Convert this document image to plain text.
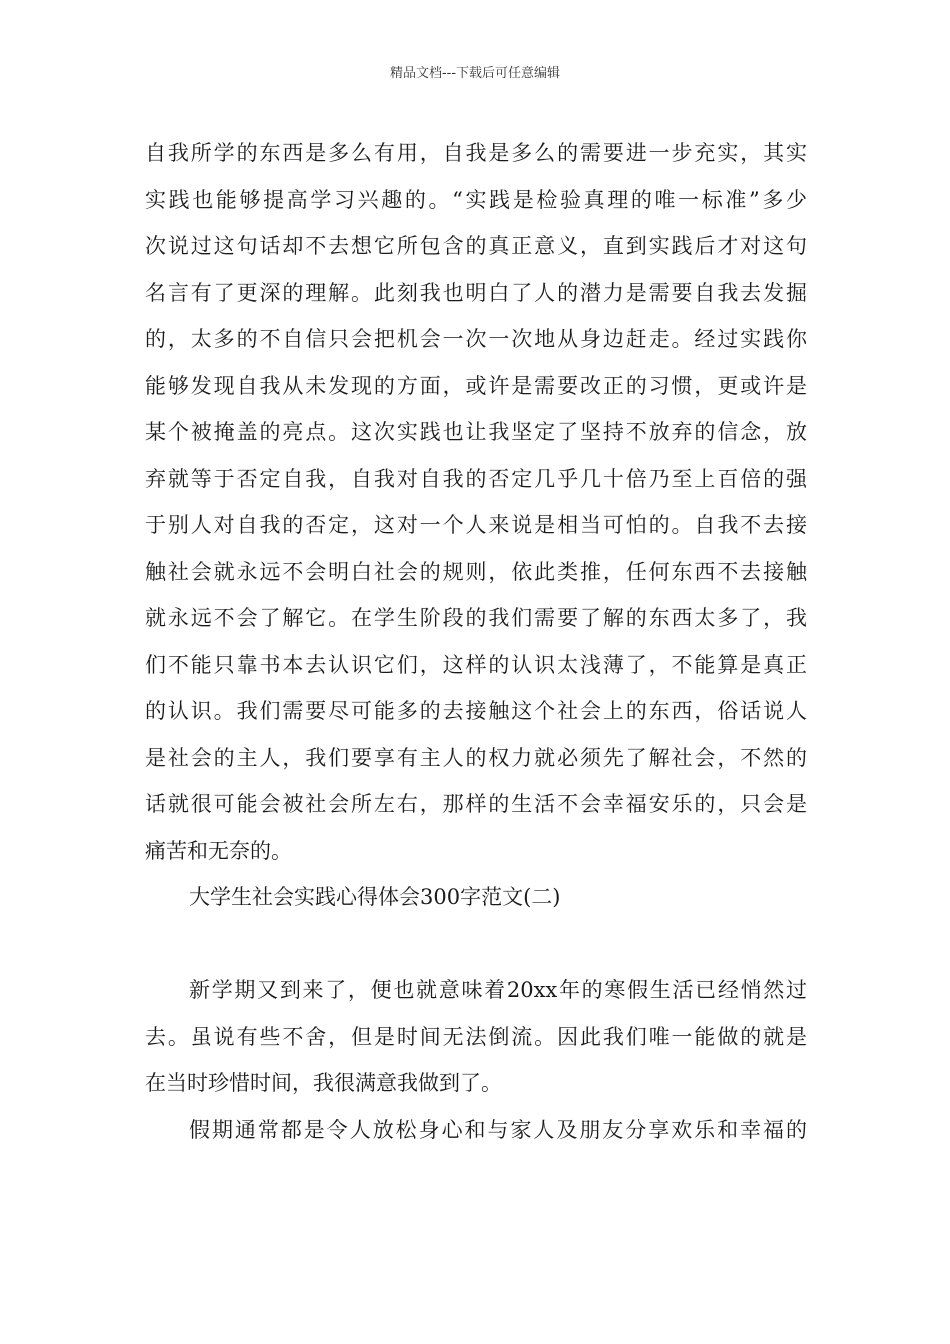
精品文档---下载后可任意编辑
自我所学的东西是多么有用，自我是多么的需要进一步充实，其实
实践也能够提高学习兴趣的。“实践是检验真理的唯一标准”多少
次说过这句话却不去想它所包含的真正意义，直到实践后才对这句
名言有了更深的理解。此刻我也明白了人的潜力是需要自我去发掘
的，太多的不自信只会把机会一次一次地从身边赶走。经过实践你
能够发现自我从未发现的方面，或许是需要改正的习惯，更或许是
某个被掩盖的亮点。这次实践也让我坚定了坚持不放弃的信念，放
弃就等于否定自我，自我对自我的否定几乎几十倍乃至上百倍的强
于别人对自我的否定，这对一个人来说是相当可怕的。自我不去接
触社会就永远不会明白社会的规则，依此类推，任何东西不去接触
就永远不会了解它。在学生阶段的我们需要了解的东西太多了，我
们不能只靠书本去认识它们，这样的认识太浅薄了，不能算是真正
的认识。我们需要尽可能多的去接触这个社会上的东西，俗话说人
是社会的主人，我们要享有主人的权力就必须先了解社会，不然的
话就很可能会被社会所左右，那样的生活不会幸福安乐的，只会是
痛苦和无奈的。
大学生社会实践心得体会300字范文(二)
新学期又到来了，便也就意味着20xx年的寒假生活已经悄然过
去。虽说有些不舍，但是时间无法倒流。因此我们唯一能做的就是
在当时珍惜时间，我很满意我做到了。
假期通常都是令人放松身心和与家人及朋友分享欢乐和幸福的
